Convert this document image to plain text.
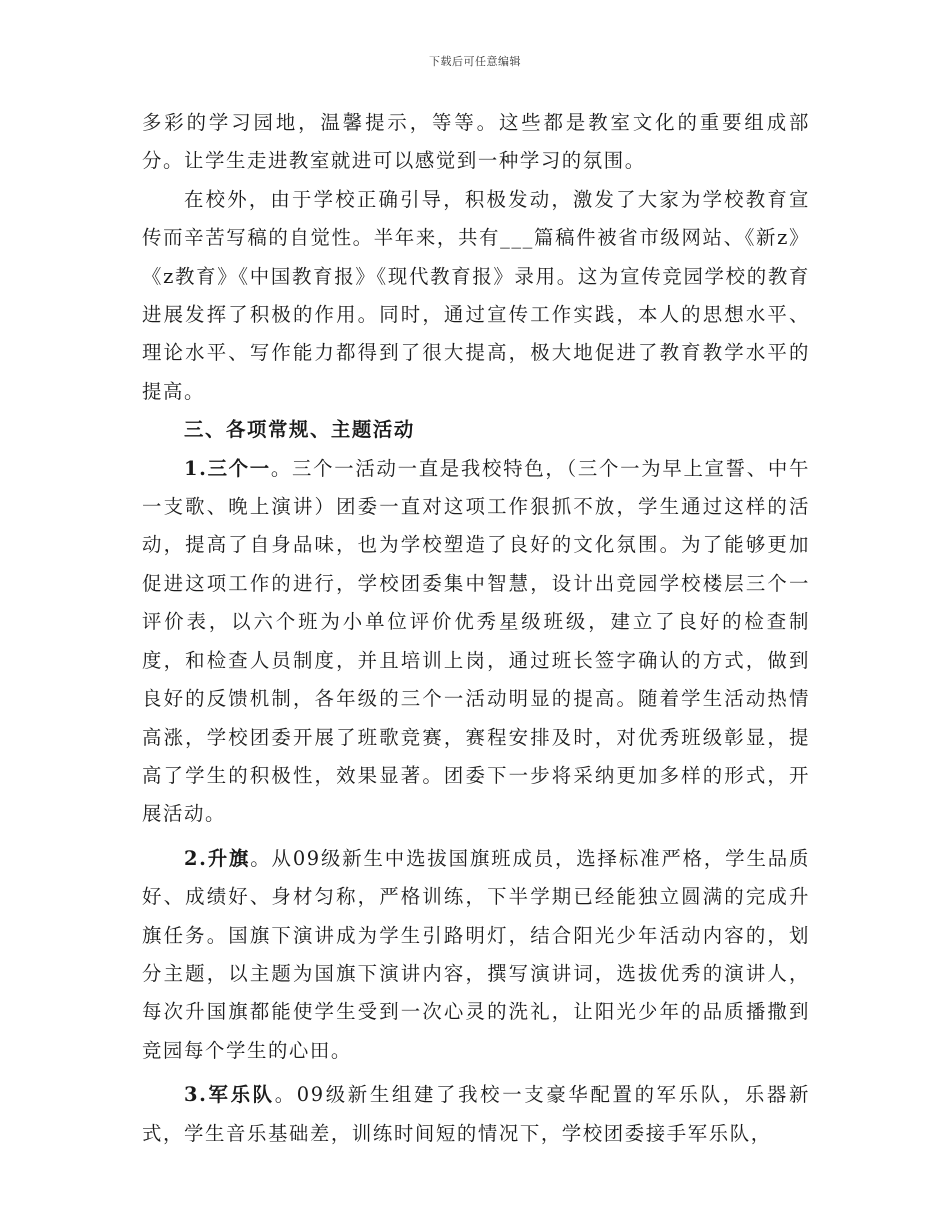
下载后可任意编辑

多彩的学习园地，温馨提示，等等。这些都是教室文化的重要组成部分。让学生走进教室就进可以感觉到一种学习的氛围。

在校外，由于学校正确引导，积极发动，激发了大家为学校教育宣传而辛苦写稿的自觉性。半年来，共有___篇稿件被省市级网站、《新z》《z教育》《中国教育报》《现代教育报》录用。这为宣传竞园学校的教育进展发挥了积极的作用。同时，通过宣传工作实践，本人的思想水平、理论水平、写作能力都得到了很大提高，极大地促进了教育教学水平的提高。

三、各项常规、主题活动

1.三个一。三个一活动一直是我校特色，（三个一为早上宣誓、中午一支歌、晚上演讲）团委一直对这项工作狠抓不放，学生通过这样的活动，提高了自身品味，也为学校塑造了良好的文化氛围。为了能够更加促进这项工作的进行，学校团委集中智慧，设计出竞园学校楼层三个一评价表，以六个班为小单位评价优秀星级班级，建立了良好的检查制度，和检查人员制度，并且培训上岗，通过班长签字确认的方式，做到良好的反馈机制，各年级的三个一活动明显的提高。随着学生活动热情高涨，学校团委开展了班歌竞赛，赛程安排及时，对优秀班级彰显，提高了学生的积极性，效果显著。团委下一步将采纳更加多样的形式，开展活动。

2.升旗。从09级新生中选拔国旗班成员，选择标准严格，学生品质好、成绩好、身材匀称，严格训练，下半学期已经能独立圆满的完成升旗任务。国旗下演讲成为学生引路明灯，结合阳光少年活动内容的，划分主题，以主题为国旗下演讲内容，撰写演讲词，选拔优秀的演讲人，每次升国旗都能使学生受到一次心灵的洗礼，让阳光少年的品质播撒到竞园每个学生的心田。

3.军乐队。09级新生组建了我校一支豪华配置的军乐队，乐器新式，学生音乐基础差，训练时间短的情况下，学校团委接手军乐队，
